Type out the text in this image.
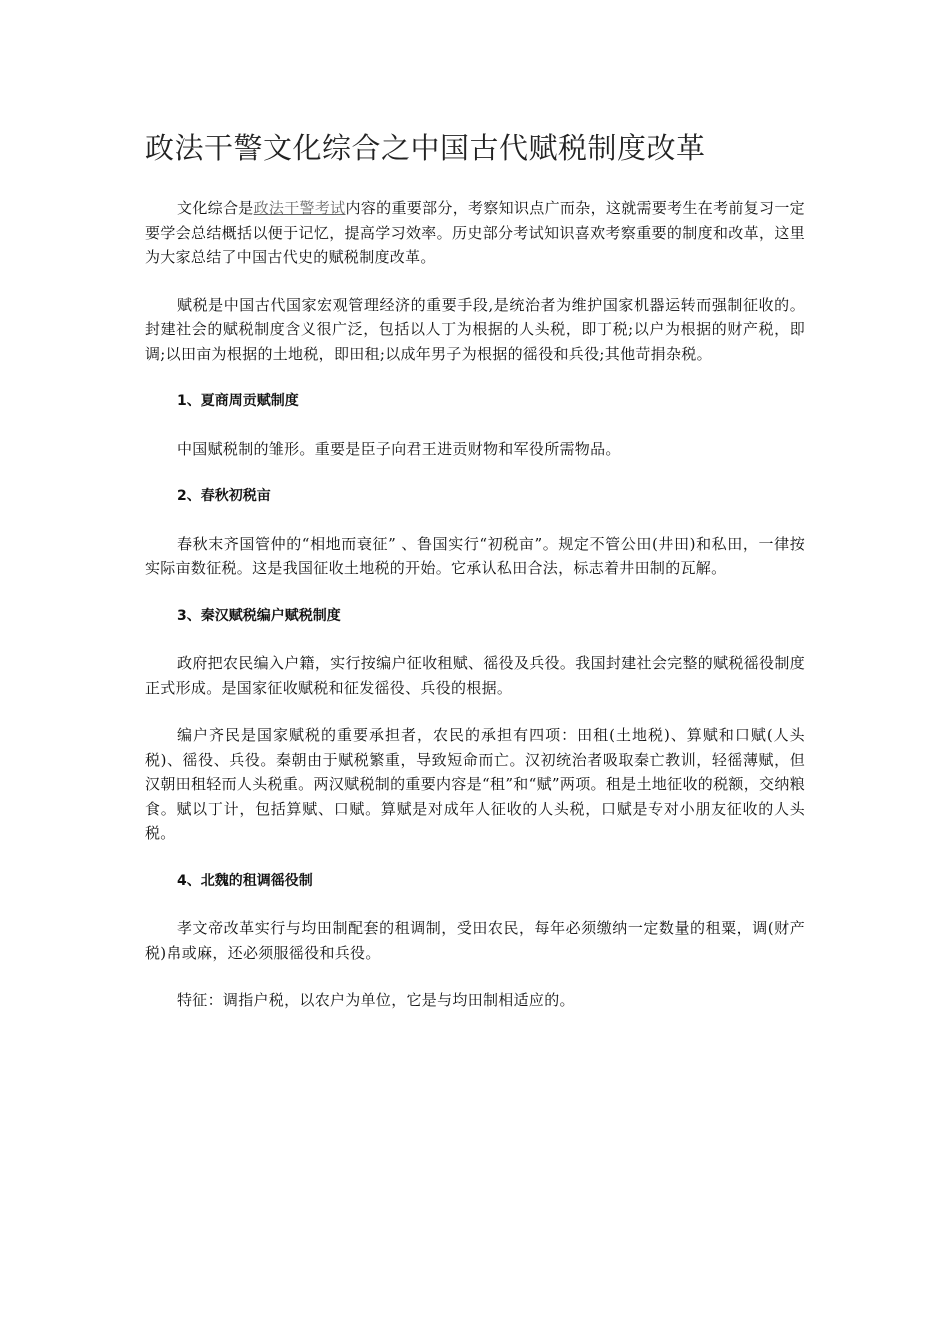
政法干警文化综合之中国古代赋税制度改革

文化综合是政法干警考试内容的重要部分，考察知识点广而杂，这就需要考生在考前复习一定要学会总结概括以便于记忆，提高学习效率。历史部分考试知识喜欢考察重要的制度和改革，这里为大家总结了中国古代史的赋税制度改革。

赋税是中国古代国家宏观管理经济的重要手段,是统治者为维护国家机器运转而强制征收的。封建社会的赋税制度含义很广泛，包括以人丁为根据的人头税，即丁税;以户为根据的财产税，即调;以田亩为根据的土地税，即田租;以成年男子为根据的徭役和兵役;其他苛捐杂税。

1、夏商周贡赋制度

中国赋税制的雏形。重要是臣子向君王进贡财物和军役所需物品。

2、春秋初税亩

春秋末齐国管仲的“相地而衰征” 、鲁国实行“初税亩”。规定不管公田(井田)和私田，一律按实际亩数征税。这是我国征收土地税的开始。它承认私田合法，标志着井田制的瓦解。

3、秦汉赋税编户赋税制度

政府把农民编入户籍，实行按编户征收租赋、徭役及兵役。我国封建社会完整的赋税徭役制度正式形成。是国家征收赋税和征发徭役、兵役的根据。

编户齐民是国家赋税的重要承担者，农民的承担有四项：田租(土地税)、算赋和口赋(人头税)、徭役、兵役。秦朝由于赋税繁重，导致短命而亡。汉初统治者吸取秦亡教训，轻徭薄赋，但汉朝田租轻而人头税重。两汉赋税制的重要内容是“租”和“赋”两项。租是土地征收的税额，交纳粮食。赋以丁计，包括算赋、口赋。算赋是对成年人征收的人头税，口赋是专对小朋友征收的人头税。

4、北魏的租调徭役制

孝文帝改革实行与均田制配套的租调制，受田农民，每年必须缴纳一定数量的租粟，调(财产税)帛或麻，还必须服徭役和兵役。

特征：调指户税，以农户为单位，它是与均田制相适应的。
